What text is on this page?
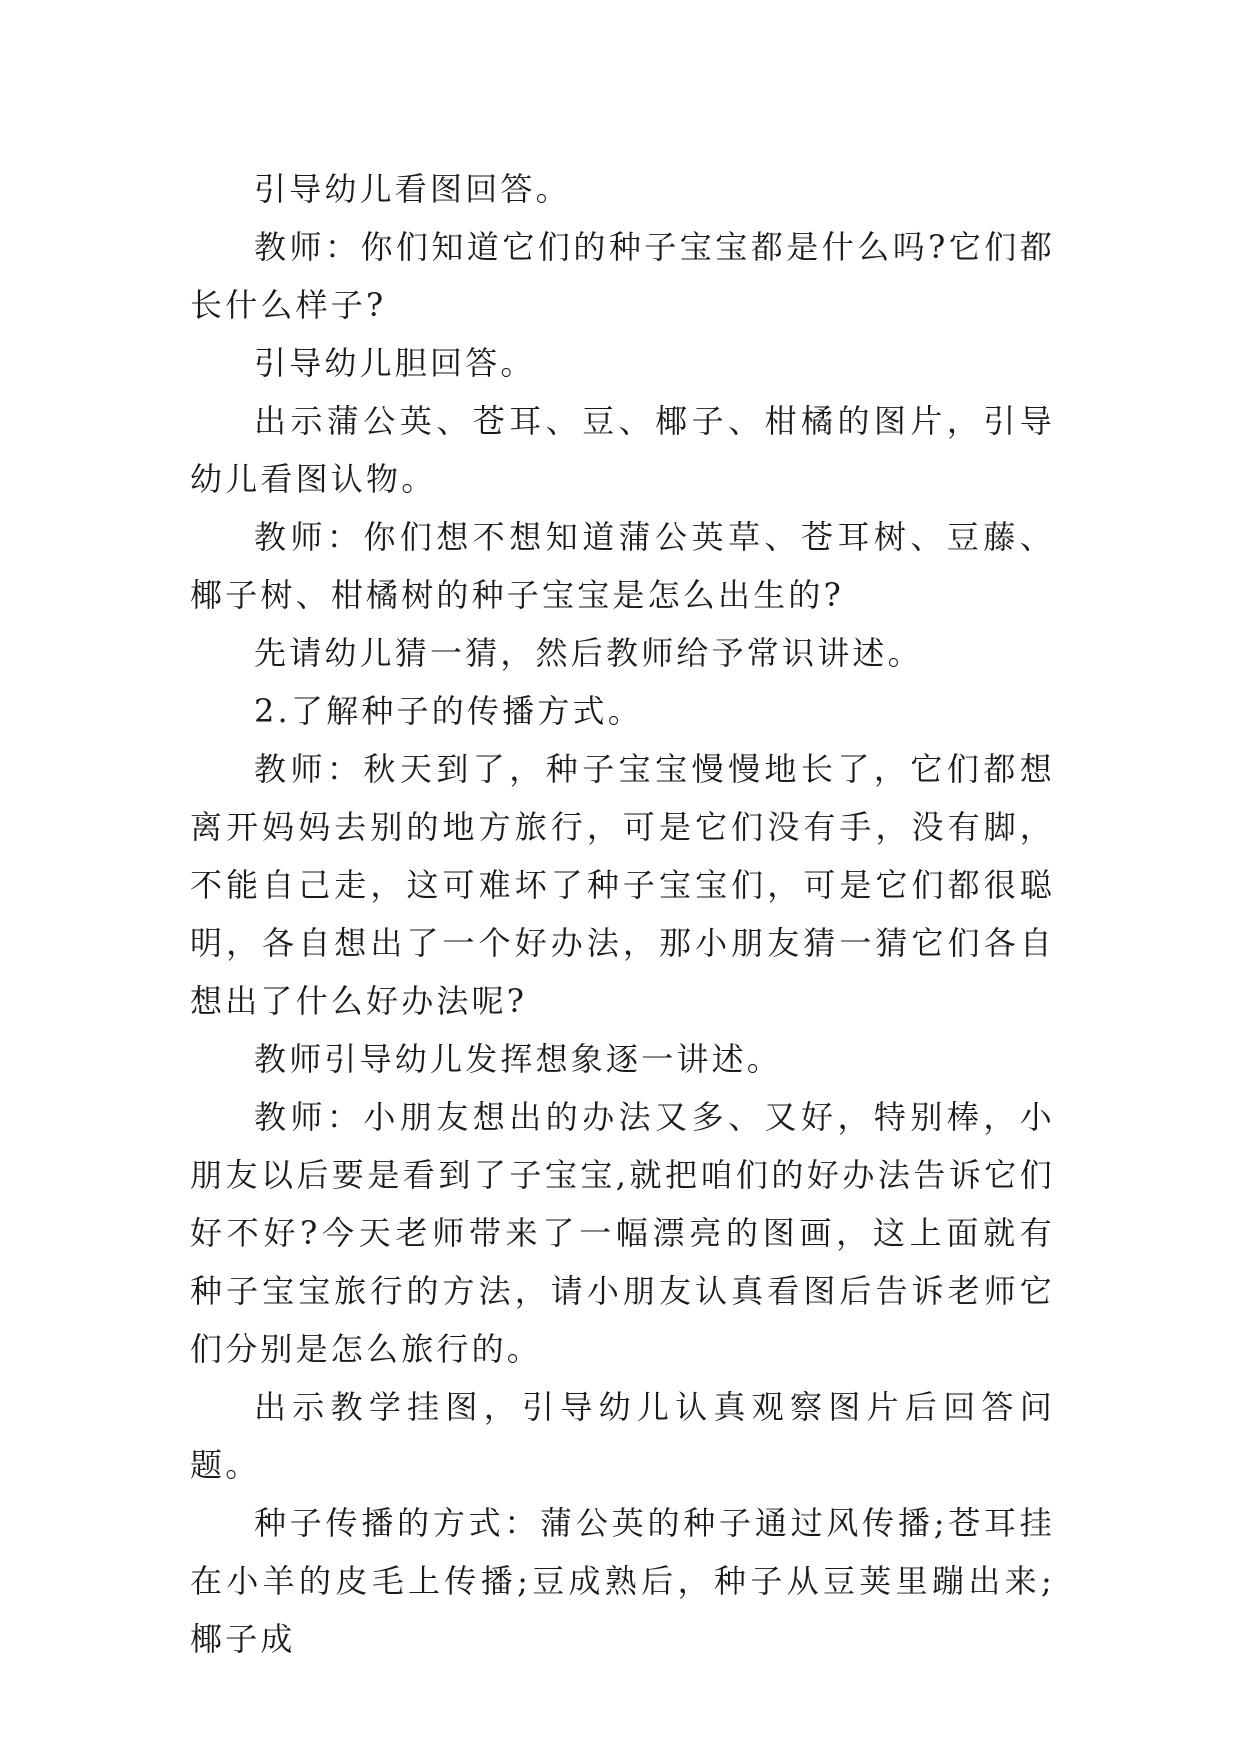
引导幼儿看图回答。

教师：你们知道它们的种子宝宝都是什么吗?它们都长什么样子?

引导幼儿胆回答。

出示蒲公英、苍耳、豆、椰子、柑橘的图片，引导幼儿看图认物。

教师：你们想不想知道蒲公英草、苍耳树、豆藤、椰子树、柑橘树的种子宝宝是怎么出生的?

先请幼儿猜一猜，然后教师给予常识讲述。

2.了解种子的传播方式。

教师：秋天到了，种子宝宝慢慢地长了，它们都想离开妈妈去别的地方旅行，可是它们没有手，没有脚，不能自己走，这可难坏了种子宝宝们，可是它们都很聪明，各自想出了一个好办法，那小朋友猜一猜它们各自想出了什么好办法呢?

教师引导幼儿发挥想象逐一讲述。

教师：小朋友想出的办法又多、又好，特别棒，小朋友以后要是看到了子宝宝,就把咱们的好办法告诉它们好不好?今天老师带来了一幅漂亮的图画，这上面就有种子宝宝旅行的方法，请小朋友认真看图后告诉老师它们分别是怎么旅行的。

出示教学挂图，引导幼儿认真观察图片后回答问题。

种子传播的方式：蒲公英的种子通过风传播;苍耳挂在小羊的皮毛上传播;豆成熟后，种子从豆荚里蹦出来;椰子成
